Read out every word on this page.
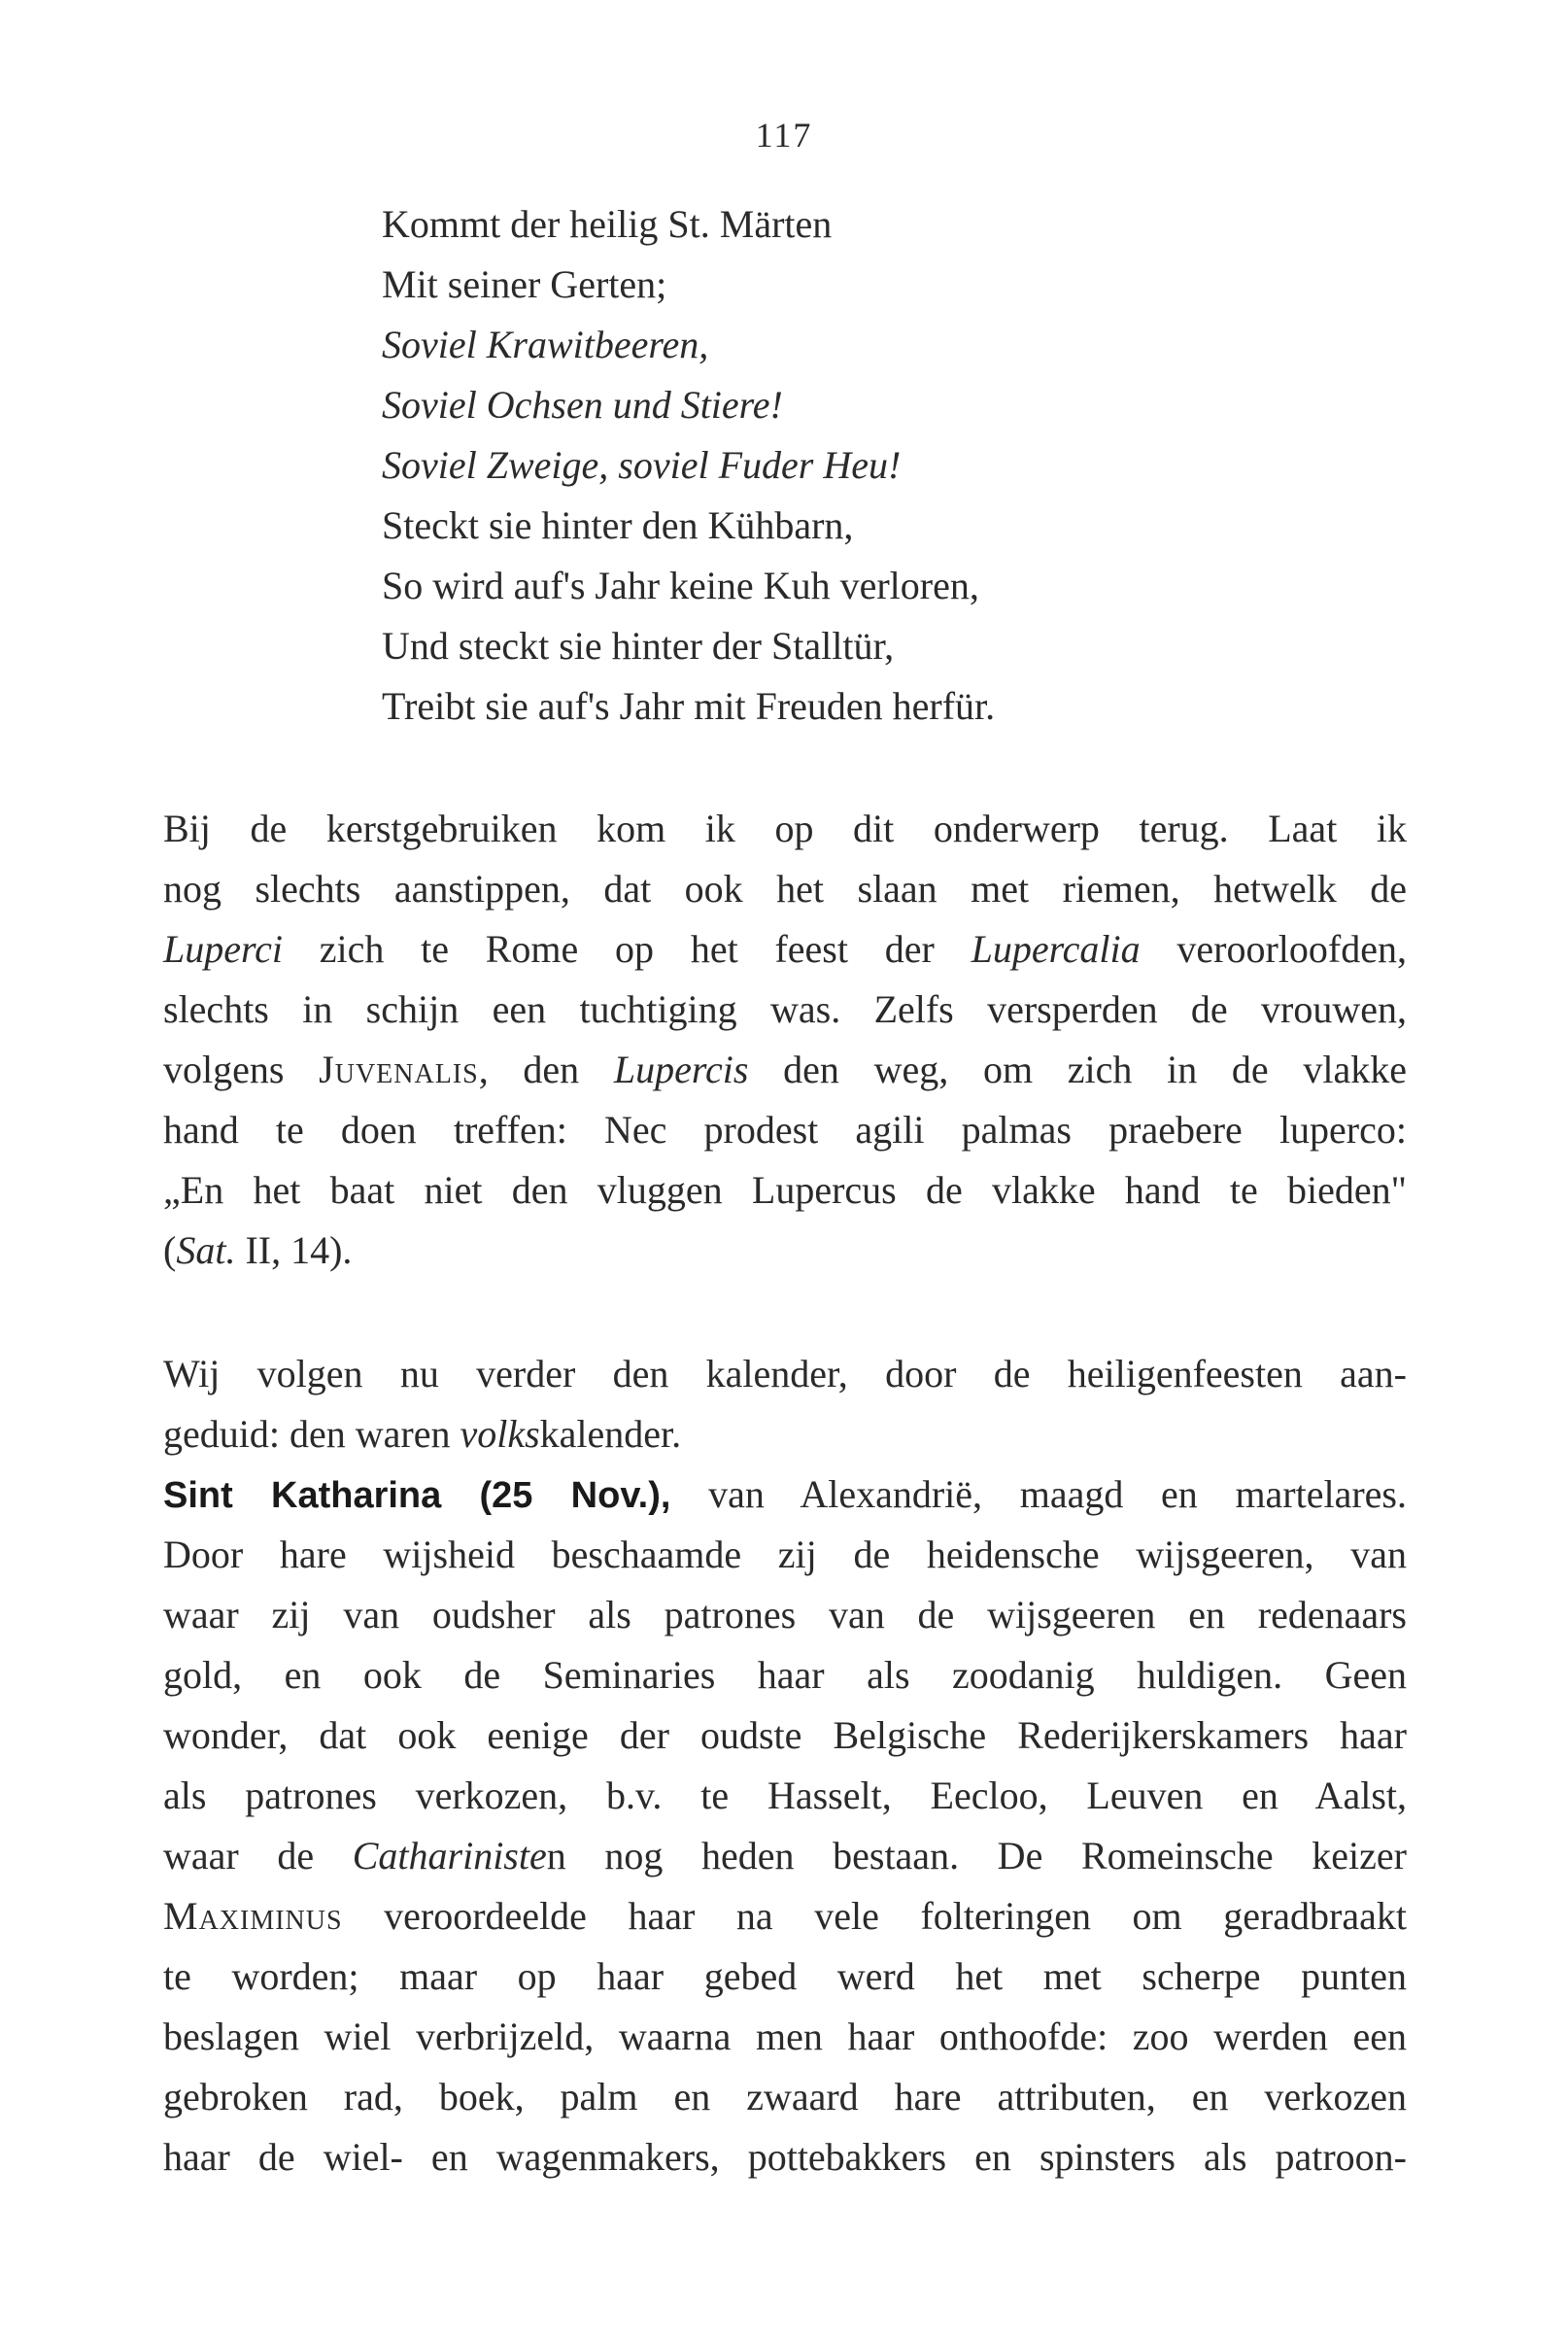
117
Kommt der heilig St. Märten
Mit seiner Gerten;
Soviel Krawitbeeren,
Soviel Ochsen und Stiere!
Soviel Zweige, soviel Fuder Heu!
Steckt sie hinter den Kühbarn,
So wird auf's Jahr keine Kuh verloren,
Und steckt sie hinter der Stalltür,
Treibt sie auf's Jahr mit Freuden herfür.
Bij de kerstgebruiken kom ik op dit onderwerp terug. Laat ik
nog slechts aanstippen, dat ook het slaan met riemen, hetwelk de
Luperci zich te Rome op het feest der Lupercalia veroorloofden,
slechts in schijn een tuchtiging was. Zelfs versperden de vrouwen,
volgens Juvenalis, den Lupercis den weg, om zich in de vlakke
hand te doen treffen: Nec prodest agili palmas praebere luperco:
„En het baat niet den vluggen Lupercus de vlakke hand te bieden"
(Sat. II, 14).
Wij volgen nu verder den kalender, door de heiligenfeesten aan-
geduid: den waren volkskalender.
Sint Katharina (25 Nov.), van Alexandrië, maagd en martelares.
Door hare wijsheid beschaamde zij de heidensche wijsgeeren, van
waar zij van oudsher als patrones van de wijsgeeren en redenaars
gold, en ook de Seminaries haar als zoodanig huldigen. Geen
wonder, dat ook eenige der oudste Belgische Rederijkerskamers haar
als patrones verkozen, b.v. te Hasselt, Eecloo, Leuven en Aalst,
waar de Catharinisten nog heden bestaan. De Romeinsche keizer
Maximinus veroordeelde haar na vele folteringen om geradbraakt
te worden; maar op haar gebed werd het met scherpe punten
beslagen wiel verbrijzeld, waarna men haar onthoofde: zoo werden een
gebroken rad, boek, palm en zwaard hare attributen, en verkozen
haar de wiel- en wagenmakers, pottebakkers en spinsters als patroon-
